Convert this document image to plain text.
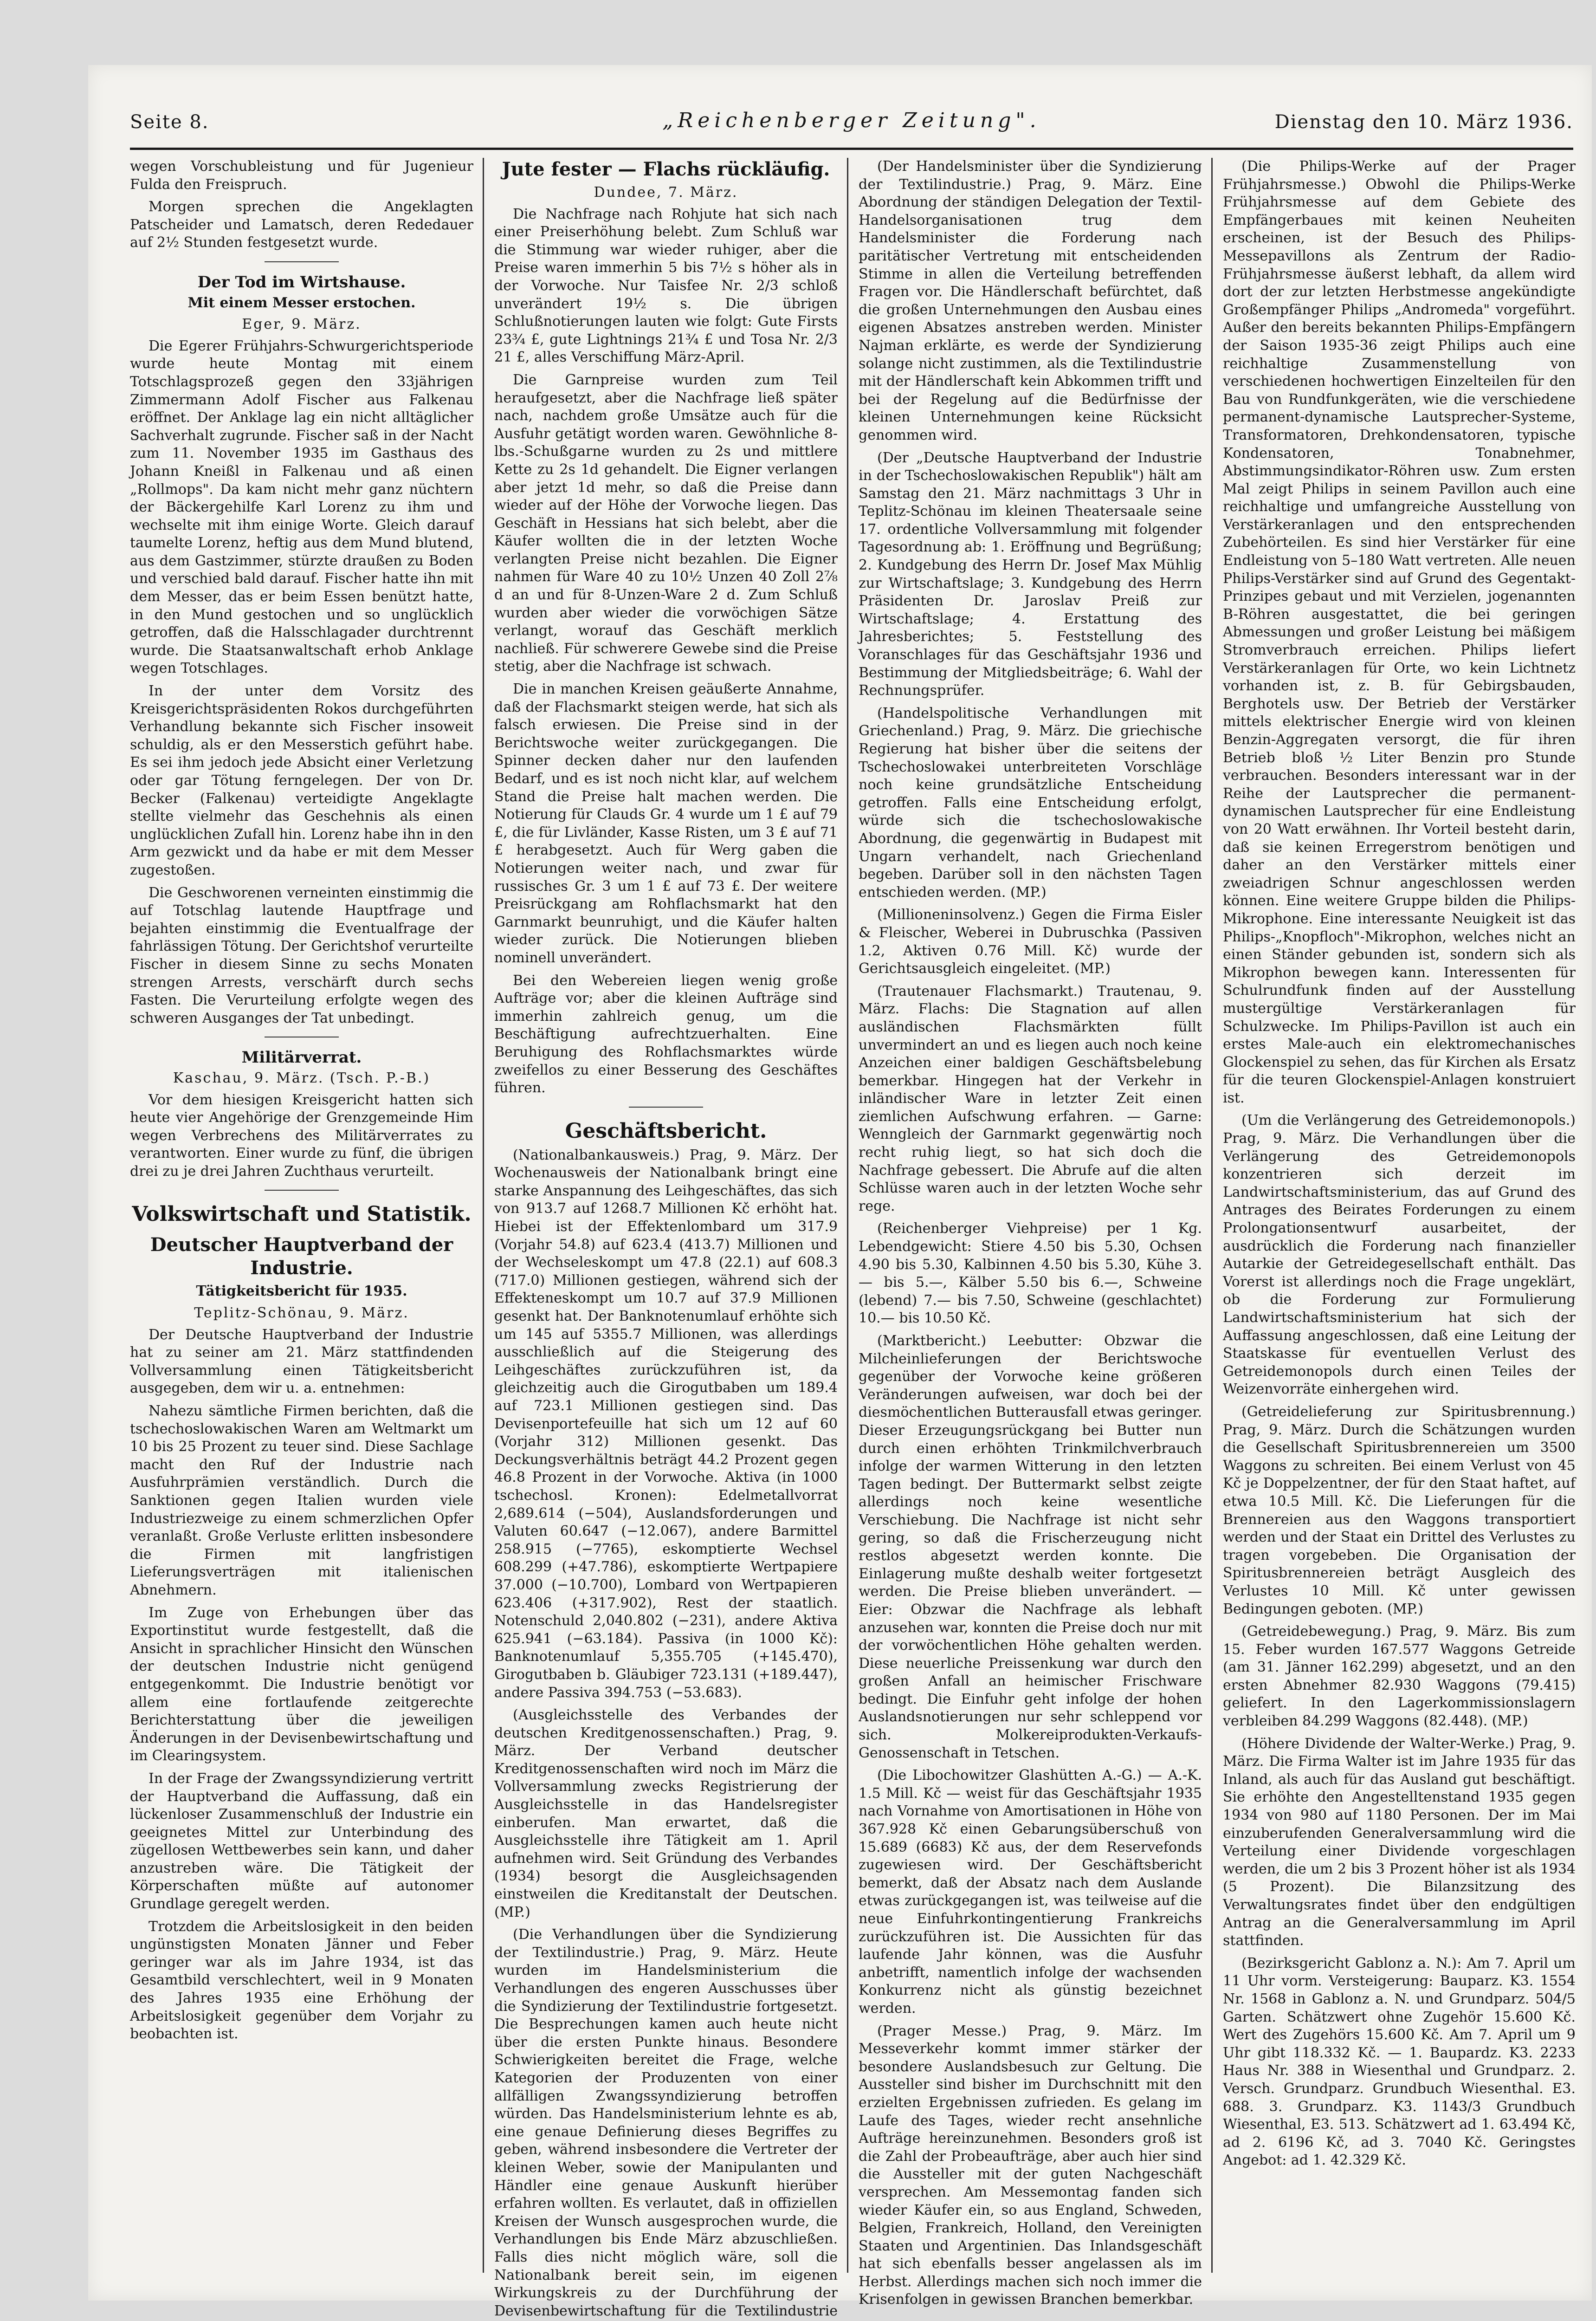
Seite 8.	„Reichenberger Zeitung".	Dienstag den 10. März 1936.

wegen Vorschubleistung und für Jugenieur Fulda den Freispruch.

Morgen sprechen die Angeklagten Patscheider und Lamatsch, deren Rededauer auf 2½ Stunden festgesetzt wurde.

Der Tod im Wirtshause.
Mit einem Messer erstochen.
Eger, 9. März.

Die Egerer Frühjahrs-Schwurgerichtsperiode wurde heute Montag mit einem Totschlagsprozeß gegen den 33jährigen Zimmermann Adolf Fischer aus Falkenau eröffnet. Der Anklage lag ein nicht alltäglicher Sachverhalt zugrunde. Fischer saß in der Nacht zum 11. November 1935 im Gasthaus des Johann Kneißl in Falkenau und aß einen „Rollmops". Da kam nicht mehr ganz nüchtern der Bäckergehilfe Karl Lorenz zu ihm und wechselte mit ihm einige Worte. Gleich darauf taumelte Lorenz, heftig aus dem Mund blutend, aus dem Gastzimmer, stürzte draußen zu Boden und verschied bald darauf. Fischer hatte ihn mit dem Messer, das er beim Essen benützt hatte, in den Mund gestochen und so unglücklich getroffen, daß die Halsschlagader durchtrennt wurde. Die Staatsanwaltschaft erhob Anklage wegen Totschlages.

In der unter dem Vorsitz des Kreisgerichtspräsidenten Rokos durchgeführten Verhandlung bekannte sich Fischer insoweit schuldig, als er den Messerstich geführt habe. Es sei ihm jedoch jede Absicht einer Verletzung oder gar Tötung ferngelegen. Der von Dr. Becker (Falkenau) verteidigte Angeklagte stellte vielmehr das Geschehnis als einen unglücklichen Zufall hin. Lorenz habe ihn in den Arm gezwickt und da habe er mit dem Messer zugestoßen.

Die Geschworenen verneinten einstimmig die auf Totschlag lautende Hauptfrage und bejahten einstimmig die Eventualfrage der fahrlässigen Tötung. Der Gerichtshof verurteilte Fischer in diesem Sinne zu sechs Monaten strengen Arrests, verschärft durch sechs Fasten. Die Verurteilung erfolgte wegen des schweren Ausganges der Tat unbedingt.

Militärverrat.
Kaschau, 9. März. (Tsch. P.-B.)

Vor dem hiesigen Kreisgericht hatten sich heute vier Angehörige der Grenzgemeinde Him wegen Verbrechens des Militärverrates zu verantworten. Einer wurde zu fünf, die übrigen drei zu je drei Jahren Zuchthaus verurteilt.

Volkswirtschaft und Statistik.
Deutscher Hauptverband der Industrie.
Tätigkeitsbericht für 1935.
Teplitz-Schönau, 9. März.

Der Deutsche Hauptverband der Industrie hat zu seiner am 21. März stattfindenden Vollversammlung einen Tätigkeitsbericht ausgegeben, dem wir u. a. entnehmen:

Nahezu sämtliche Firmen berichten, daß die tschechoslowakischen Waren am Weltmarkt um 10 bis 25 Prozent zu teuer sind. Diese Sachlage macht den Ruf der Industrie nach Ausfuhrprämien verständlich. Durch die Sanktionen gegen Italien wurden viele Industriezweige zu einem schmerzlichen Opfer veranlaßt. Große Verluste erlitten insbesondere die Firmen mit langfristigen Lieferungsverträgen mit italienischen Abnehmern.

Im Zuge von Erhebungen über das Exportinstitut wurde festgestellt, daß die Ansicht in sprachlicher Hinsicht den Wünschen der deutschen Industrie nicht genügend entgegenkommt. Die Industrie benötigt vor allem eine fortlaufende zeitgerechte Berichterstattung über die jeweiligen Änderungen in der Devisenbewirtschaftung und im Clearingsystem.

In der Frage der Zwangssyndizierung vertritt der Hauptverband die Auffassung, daß ein lückenloser Zusammenschluß der Industrie ein geeignetes Mittel zur Unterbindung des zügellosen Wettbewerbes sein kann, und daher anzustreben wäre. Die Tätigkeit der Körperschaften müßte auf autonomer Grundlage geregelt werden.

Trotzdem die Arbeitslosigkeit in den beiden ungünstigsten Monaten Jänner und Feber geringer war als im Jahre 1934, ist das Gesamtbild verschlechtert, weil in 9 Monaten des Jahres 1935 eine Erhöhung der Arbeitslosigkeit gegenüber dem Vorjahr zu beobachten ist.

Jute fester — Flachs rückläufig.
Dundee, 7. März.

Die Nachfrage nach Rohjute hat sich nach einer Preiserhöhung belebt. Zum Schluß war die Stimmung war wieder ruhiger, aber die Preise waren immerhin 5 bis 7½ s höher als in der Vorwoche. Nur Taisfee Nr. 2/3 schloß unverändert 19½ s. Die übrigen Schlußnotierungen lauten wie folgt: Gute Firsts 23¾ £, gute Lightnings 21¾ £ und Tosa Nr. 2/3 21 £, alles Verschiffung März-April.

Die Garnpreise wurden zum Teil heraufgesetzt, aber die Nachfrage ließ später nach, nachdem große Umsätze auch für die Ausfuhr getätigt worden waren. Gewöhnliche 8-lbs.-Schußgarne wurden zu 2s und mittlere Kette zu 2s 1d gehandelt. Die Eigner verlangen aber jetzt 1d mehr, so daß die Preise dann wieder auf der Höhe der Vorwoche liegen. Das Geschäft in Hessians hat sich belebt, aber die Käufer wollten die in der letzten Woche verlangten Preise nicht bezahlen. Die Eigner nahmen für Ware 40 zu 10½ Unzen 40 Zoll 2⅞ d an und für 8-Unzen-Ware 2 d. Zum Schluß wurden aber wieder die vorwöchigen Sätze verlangt, worauf das Geschäft merklich nachließ. Für schwerere Gewebe sind die Preise stetig, aber die Nachfrage ist schwach.

Die in manchen Kreisen geäußerte Annahme, daß der Flachsmarkt steigen werde, hat sich als falsch erwiesen. Die Preise sind in der Berichtswoche weiter zurückgegangen. Die Spinner decken daher nur den laufenden Bedarf, und es ist noch nicht klar, auf welchem Stand die Preise halt machen werden. Die Notierung für Clauds Gr. 4 wurde um 1 £ auf 79 £, die für Livländer, Kasse Risten, um 3 £ auf 71 £ herabgesetzt. Auch für Werg gaben die Notierungen weiter nach, und zwar für russisches Gr. 3 um 1 £ auf 73 £. Der weitere Preisrückgang am Rohflachsmarkt hat den Garnmarkt beunruhigt, und die Käufer halten wieder zurück. Die Notierungen blieben nominell unverändert.

Bei den Webereien liegen wenig große Aufträge vor; aber die kleinen Aufträge sind immerhin zahlreich genug, um die Beschäftigung aufrechtzuerhalten. Eine Beruhigung des Rohflachsmarktes würde zweifellos zu einer Besserung des Geschäftes führen.

Geschäftsbericht.

(Nationalbankausweis.) Prag, 9. März. Der Wochenausweis der Nationalbank bringt eine starke Anspannung des Leihgeschäftes, das sich von 913.7 auf 1268.7 Millionen Kč erhöht hat. Hiebei ist der Effektenlombard um 317.9 (Vorjahr 54.8) auf 623.4 (413.7) Millionen und der Wechseleskompt um 47.8 (22.1) auf 608.3 (717.0) Millionen gestiegen, während sich der Effekteneskompt um 10.7 auf 37.9 Millionen gesenkt hat. Der Banknotenumlauf erhöhte sich um 145 auf 5355.7 Millionen, was allerdings ausschließlich auf die Steigerung des Leihgeschäftes zurückzuführen ist, da gleichzeitig auch die Girogutbaben um 189.4 auf 723.1 Millionen gestiegen sind. Das Devisenportefeuille hat sich um 12 auf 60 (Vorjahr 312) Millionen gesenkt. Das Deckungsverhältnis beträgt 44.2 Prozent gegen 46.8 Prozent in der Vorwoche. Aktiva (in 1000 tschechosl. Kronen): Edelmetallvorrat 2,689.614 (−504), Auslandsforderungen und Valuten 60.647 (−12.067), andere Barmittel 258.915 (−7765), eskomptierte Wechsel 608.299 (+47.786), eskomptierte Wertpapiere 37.000 (−10.700), Lombard von Wertpapieren 623.406 (+317.902), Rest der staatlich. Notenschuld 2,040.802 (−231), andere Aktiva 625.941 (−63.184). Passiva (in 1000 Kč): Banknotenumlauf 5,355.705 (+145.470), Girogutbaben b. Gläubiger 723.131 (+189.447), andere Passiva 394.753 (−53.683).

(Ausgleichsstelle des Verbandes der deutschen Kreditgenossenschaften.) Prag, 9. März. Der Verband deutscher Kreditgenossenschaften wird noch im März die Vollversammlung zwecks Registrierung der Ausgleichsstelle in das Handelsregister einberufen. Man erwartet, daß die Ausgleichsstelle ihre Tätigkeit am 1. April aufnehmen wird. Seit Gründung des Verbandes (1934) besorgt die Ausgleichsagenden einstweilen die Kreditanstalt der Deutschen. (MP.)

(Die Verhandlungen über die Syndizierung der Textilindustrie.) Prag, 9. März. Heute wurden im Handelsministerium die Verhandlungen des engeren Ausschusses über die Syndizierung der Textilindustrie fortgesetzt. Die Besprechungen kamen auch heute nicht über die ersten Punkte hinaus. Besondere Schwierigkeiten bereitet die Frage, welche Kategorien der Produzenten von einer allfälligen Zwangssyndizierung betroffen würden. Das Handelsministerium lehnte es ab, eine genaue Definierung dieses Begriffes zu geben, während insbesondere die Vertreter der kleinen Weber, sowie der Manipulanten und Händler eine genaue Auskunft hierüber erfahren wollten. Es verlautet, daß in offiziellen Kreisen der Wunsch ausgesprochen wurde, die Verhandlungen bis Ende März abzuschließen. Falls dies nicht möglich wäre, soll die Nationalbank bereit sein, im eigenen Wirkungskreis zu der Durchführung der Devisenbewirtschaftung für die Textilindustrie

(Der Handelsminister über die Syndizierung der Textilindustrie.) Prag, 9. März. Eine Abordnung der ständigen Delegation der Textil-Handelsorganisationen trug dem Handelsminister die Forderung nach paritätischer Vertretung mit entscheidenden Stimme in allen die Verteilung betreffenden Fragen vor. Die Händlerschaft befürchtet, daß die großen Unternehmungen den Ausbau eines eigenen Absatzes anstreben werden. Minister Najman erklärte, es werde der Syndizierung solange nicht zustimmen, als die Textilindustrie mit der Händlerschaft kein Abkommen trifft und bei der Regelung auf die Bedürfnisse der kleinen Unternehmungen keine Rücksicht genommen wird.

(Der „Deutsche Hauptverband der Industrie in der Tschechoslowakischen Republik") hält am Samstag den 21. März nachmittags 3 Uhr in Teplitz-Schönau im kleinen Theatersaale seine 17. ordentliche Vollversammlung mit folgender Tagesordnung ab: 1. Eröffnung und Begrüßung; 2. Kundgebung des Herrn Dr. Josef Max Mühlig zur Wirtschaftslage; 3. Kundgebung des Herrn Präsidenten Dr. Jaroslav Preiß zur Wirtschaftslage; 4. Erstattung des Jahresberichtes; 5. Feststellung des Voranschlages für das Geschäftsjahr 1936 und Bestimmung der Mitgliedsbeiträge; 6. Wahl der Rechnungsprüfer.

(Handelspolitische Verhandlungen mit Griechenland.) Prag, 9. März. Die griechische Regierung hat bisher über die seitens der Tschechoslowakei unterbreiteten Vorschläge noch keine grundsätzliche Entscheidung getroffen. Falls eine Entscheidung erfolgt, würde sich die tschechoslowakische Abordnung, die gegenwärtig in Budapest mit Ungarn verhandelt, nach Griechenland begeben. Darüber soll in den nächsten Tagen entschieden werden. (MP.)

(Millioneninsolvenz.) Gegen die Firma Eisler & Fleischer, Weberei in Dubruschka (Passiven 1.2, Aktiven 0.76 Mill. Kč) wurde der Gerichtsausgleich eingeleitet. (MP.)

(Trautenauer Flachsmarkt.) Trautenau, 9. März. Flachs: Die Stagnation auf allen ausländischen Flachsmärkten füllt unvermindert an und es liegen auch noch keine Anzeichen einer baldigen Geschäftsbelebung bemerkbar. Hingegen hat der Verkehr in inländischer Ware in letzter Zeit einen ziemlichen Aufschwung erfahren. — Garne: Wenngleich der Garnmarkt gegenwärtig noch recht ruhig liegt, so hat sich doch die Nachfrage gebessert. Die Abrufe auf die alten Schlüsse waren auch in der letzten Woche sehr rege.

(Reichenberger Viehpreise) per 1 Kg. Lebendgewicht: Stiere 4.50 bis 5.30, Ochsen 4.90 bis 5.30, Kalbinnen 4.50 bis 5.30, Kühe 3.— bis 5.—, Kälber 5.50 bis 6.—, Schweine (lebend) 7.— bis 7.50, Schweine (geschlachtet) 10.— bis 10.50 Kč.

(Marktbericht.) Leebutter: Obzwar die Milcheinlieferungen der Berichtswoche gegenüber der Vorwoche keine größeren Veränderungen aufweisen, war doch bei der diesmöchentlichen Butterausfall etwas geringer. Dieser Erzeugungsrückgang bei Butter nun durch einen erhöhten Trinkmilchverbrauch infolge der warmen Witterung in den letzten Tagen bedingt. Der Buttermarkt selbst zeigte allerdings noch keine wesentliche Verschiebung. Die Nachfrage ist nicht sehr gering, so daß die Frischerzeugung nicht restlos abgesetzt werden konnte. Die Einlagerung mußte deshalb weiter fortgesetzt werden. Die Preise blieben unverändert. — Eier: Obzwar die Nachfrage als lebhaft anzusehen war, konnten die Preise doch nur mit der vorwöchentlichen Höhe gehalten werden. Diese neuerliche Preissenkung war durch den großen Anfall an heimischer Frischware bedingt. Die Einfuhr geht infolge der hohen Auslandsnotierungen nur sehr schleppend vor sich. Molkereiprodukten-Verkaufs-Genossenschaft in Tetschen.

(Die Libochowitzer Glashütten A.-G.) — A.-K. 1.5 Mill. Kč — weist für das Geschäftsjahr 1935 nach Vornahme von Amortisationen in Höhe von 367.928 Kč einen Gebarungsüberschuß von 15.689 (6683) Kč aus, der dem Reservefonds zugewiesen wird. Der Geschäftsbericht bemerkt, daß der Absatz nach dem Auslande etwas zurückgegangen ist, was teilweise auf die neue Einfuhrkontingentierung Frankreichs zurückzuführen ist. Die Aussichten für das laufende Jahr können, was die Ausfuhr anbetrifft, namentlich infolge der wachsenden Konkurrenz nicht als günstig bezeichnet werden.

(Prager Messe.) Prag, 9. März. Im Messeverkehr kommt immer stärker der besondere Auslandsbesuch zur Geltung. Die Aussteller sind bisher im Durchschnitt mit den erzielten Ergebnissen zufrieden. Es gelang im Laufe des Tages, wieder recht ansehnliche Aufträge hereinzunehmen. Besonders groß ist die Zahl der Probeaufträge, aber auch hier sind die Aussteller mit der guten Nachgeschäft versprechen. Am Messemontag fanden sich wieder Käufer ein, so aus England, Schweden, Belgien, Frankreich, Holland, den Vereinigten Staaten und Argentinien. Das Inlandsgeschäft hat sich ebenfalls besser angelassen als im Herbst. Allerdings machen sich noch immer die Krisenfolgen in gewissen Branchen bemerkbar.

(Die Philips-Werke auf der Prager Frühjahrsmesse.) Obwohl die Philips-Werke Frühjahrsmesse auf dem Gebiete des Empfängerbaues mit keinen Neuheiten erscheinen, ist der Besuch des Philips-Messepavillons als Zentrum der Radio-Frühjahrsmesse äußerst lebhaft, da allem wird dort der zur letzten Herbstmesse angekündigte Großempfänger Philips „Andromeda" vorgeführt. Außer den bereits bekannten Philips-Empfängern der Saison 1935-36 zeigt Philips auch eine reichhaltige Zusammenstellung von verschiedenen hochwertigen Einzelteilen für den Bau von Rundfunkgeräten, wie die verschiedene permanent-dynamische Lautsprecher-Systeme, Transformatoren, Drehkondensatoren, typische Kondensatoren, Tonabnehmer, Abstimmungsindikator-Röhren usw. Zum ersten Mal zeigt Philips in seinem Pavillon auch eine reichhaltige und umfangreiche Ausstellung von Verstärkeranlagen und den entsprechenden Zubehörteilen. Es sind hier Verstärker für eine Endleistung von 5–180 Watt vertreten. Alle neuen Philips-Verstärker sind auf Grund des Gegentakt-Prinzipes gebaut und mit Verzielen, jogenannten B-Röhren ausgestattet, die bei geringen Abmessungen und großer Leistung bei mäßigem Stromverbrauch erreichen. Philips liefert Verstärkeranlagen für Orte, wo kein Lichtnetz vorhanden ist, z. B. für Gebirgsbauden, Berghotels usw. Der Betrieb der Verstärker mittels elektrischer Energie wird von kleinen Benzin-Aggregaten versorgt, die für ihren Betrieb bloß ½ Liter Benzin pro Stunde verbrauchen. Besonders interessant war in der Reihe der Lautsprecher die permanent-dynamischen Lautsprecher für eine Endleistung von 20 Watt erwähnen. Ihr Vorteil besteht darin, daß sie keinen Erregerstrom benötigen und daher an den Verstärker mittels einer zweiadrigen Schnur angeschlossen werden können. Eine weitere Gruppe bilden die Philips-Mikrophone. Eine interessante Neuigkeit ist das Philips-„Knopfloch"-Mikrophon, welches nicht an einen Ständer gebunden ist, sondern sich als Mikrophon bewegen kann. Interessenten für Schulrundfunk finden auf der Ausstellung mustergültige Verstärkeranlagen für Schulzwecke. Im Philips-Pavillon ist auch ein erstes Male-auch ein elektromechanisches Glockenspiel zu sehen, das für Kirchen als Ersatz für die teuren Glockenspiel-Anlagen konstruiert ist.

(Um die Verlängerung des Getreidemonopols.) Prag, 9. März. Die Verhandlungen über die Verlängerung des Getreidemonopols konzentrieren sich derzeit im Landwirtschaftsministerium, das auf Grund des Antrages des Beirates Forderungen zu einem Prolongationsentwurf ausarbeitet, der ausdrücklich die Forderung nach finanzieller Autarkie der Getreidegesellschaft enthält. Das Vorerst ist allerdings noch die Frage ungeklärt, ob die Forderung zur Formulierung Landwirtschaftsministerium hat sich der Auffassung angeschlossen, daß eine Leitung der Staatskasse für eventuellen Verlust des Getreidemonopols durch einen Teiles der Weizenvorräte einhergehen wird.

(Getreidelieferung zur Spiritusbrennung.) Prag, 9. März. Durch die Schätzungen wurden die Gesellschaft Spiritusbrennereien um 3500 Waggons zu schreiten. Bei einem Verlust von 45 Kč je Doppelzentner, der für den Staat haftet, auf etwa 10.5 Mill. Kč. Die Lieferungen für die Brennereien aus den Waggons transportiert werden und der Staat ein Drittel des Verlustes zu tragen vorgebeben. Die Organisation der Spiritusbrennereien beträgt Ausgleich des Verlustes 10 Mill. Kč unter gewissen Bedingungen geboten. (MP.)

(Getreidebewegung.) Prag, 9. März. Bis zum 15. Feber wurden 167.577 Waggons Getreide (am 31. Jänner 162.299) abgesetzt, und an den ersten Abnehmer 82.930 Waggons (79.415) geliefert. In den Lagerkommissionslagern verbleiben 84.299 Waggons (82.448). (MP.)

(Höhere Dividende der Walter-Werke.) Prag, 9. März. Die Firma Walter ist im Jahre 1935 für das Inland, als auch für das Ausland gut beschäftigt. Sie erhöhte den Angestelltenstand 1935 gegen 1934 von 980 auf 1180 Personen. Der im Mai einzuberufenden Generalversammlung wird die Verteilung einer Dividende vorgeschlagen werden, die um 2 bis 3 Prozent höher ist als 1934 (5 Prozent). Die Bilanzsitzung des Verwaltungsrates findet über den endgültigen Antrag an die Generalversammlung im April stattfinden.

(Bezirksgericht Gablonz a. N.): Am 7. April um 11 Uhr vorm. Versteigerung: Bauparz. K3. 1554 Nr. 1568 in Gablonz a. N. und Grundparz. 504/5 Garten. Schätzwert ohne Zugehör 15.600 Kč. Wert des Zugehörs 15.600 Kč. Am 7. April um 9 Uhr gibt 118.332 Kč. — 1. Baupardz. K3. 2233 Haus Nr. 388 in Wiesenthal und Grundparz. 2. Versch. Grundparz. Grundbuch Wiesenthal. E3. 688. 3. Grundparz. K3. 1143/3 Grundbuch Wiesenthal, E3. 513. Schätzwert ad 1. 63.494 Kč, ad 2. 6196 Kč, ad 3. 7040 Kč. Geringstes Angebot: ad 1. 42.329 Kč.
